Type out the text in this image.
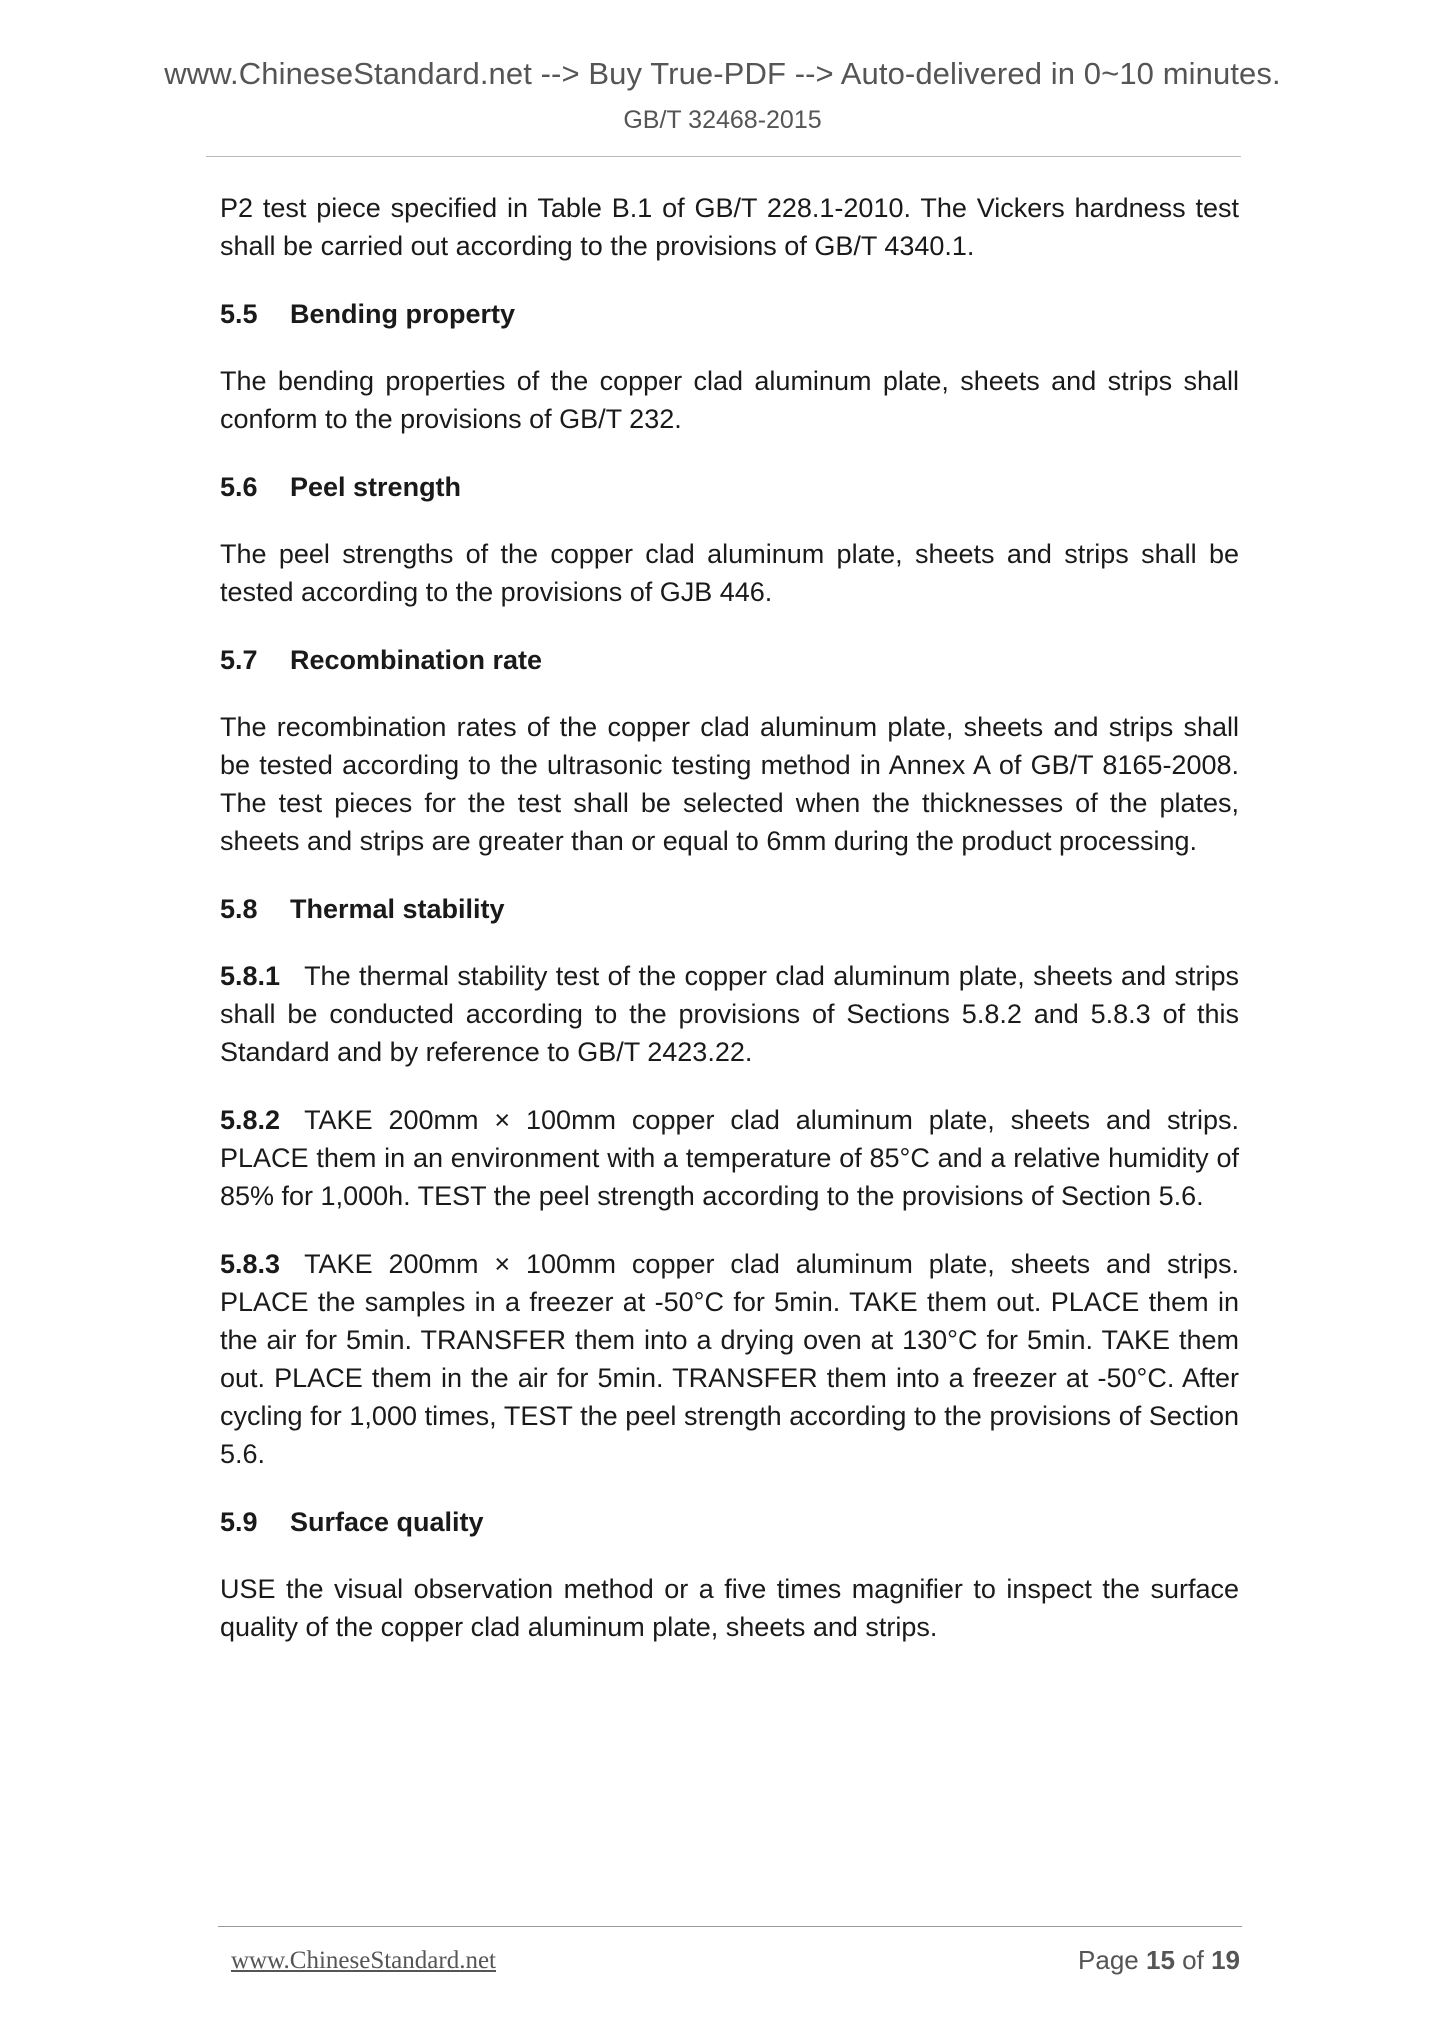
www.ChineseStandard.net --> Buy True-PDF --> Auto-delivered in 0~10 minutes.
GB/T 32468-2015

P2 test piece specified in Table B.1 of GB/T 228.1-2010. The Vickers hardness test shall be carried out according to the provisions of GB/T 4340.1.

5.5 Bending property

The bending properties of the copper clad aluminum plate, sheets and strips shall conform to the provisions of GB/T 232.

5.6 Peel strength

The peel strengths of the copper clad aluminum plate, sheets and strips shall be tested according to the provisions of GJB 446.

5.7 Recombination rate

The recombination rates of the copper clad aluminum plate, sheets and strips shall be tested according to the ultrasonic testing method in Annex A of GB/T 8165-2008. The test pieces for the test shall be selected when the thicknesses of the plates, sheets and strips are greater than or equal to 6mm during the product processing.

5.8 Thermal stability

5.8.1 The thermal stability test of the copper clad aluminum plate, sheets and strips shall be conducted according to the provisions of Sections 5.8.2 and 5.8.3 of this Standard and by reference to GB/T 2423.22.

5.8.2 TAKE 200mm × 100mm copper clad aluminum plate, sheets and strips. PLACE them in an environment with a temperature of 85°C and a relative humidity of 85% for 1,000h. TEST the peel strength according to the provisions of Section 5.6.

5.8.3 TAKE 200mm × 100mm copper clad aluminum plate, sheets and strips. PLACE the samples in a freezer at -50°C for 5min. TAKE them out. PLACE them in the air for 5min. TRANSFER them into a drying oven at 130°C for 5min. TAKE them out. PLACE them in the air for 5min. TRANSFER them into a freezer at -50°C. After cycling for 1,000 times, TEST the peel strength according to the provisions of Section 5.6.

5.9 Surface quality

USE the visual observation method or a five times magnifier to inspect the surface quality of the copper clad aluminum plate, sheets and strips.

www.ChineseStandard.net	Page 15 of 19
